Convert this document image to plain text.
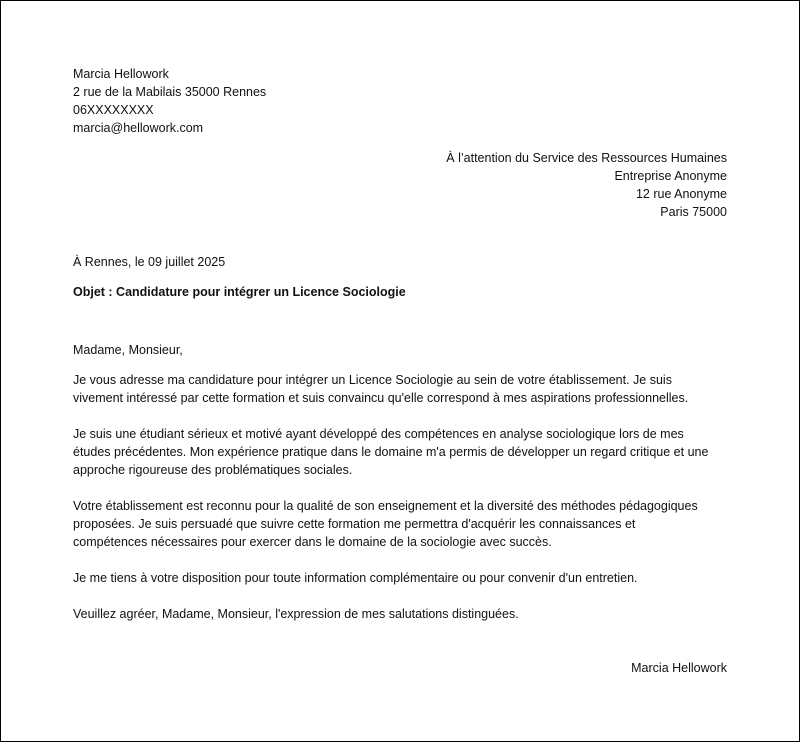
Marcia Hellowork
2 rue de la Mabilais 35000 Rennes
06XXXXXXXX
marcia@hellowork.com
À l’attention du Service des Ressources Humaines
Entreprise Anonyme
12 rue Anonyme
Paris 75000
À Rennes, le 09 juillet 2025
Objet : Candidature pour intégrer un Licence Sociologie
Madame, Monsieur,

Je vous adresse ma candidature pour intégrer un Licence Sociologie au sein de votre établissement. Je suis
vivement intéressé par cette formation et suis convaincu qu'elle correspond à mes aspirations professionnelles.

Je suis une étudiant sérieux et motivé ayant développé des compétences en analyse sociologique lors de mes
études précédentes. Mon expérience pratique dans le domaine m'a permis de développer un regard critique et une
approche rigoureuse des problématiques sociales.

Votre établissement est reconnu pour la qualité de son enseignement et la diversité des méthodes pédagogiques
proposées. Je suis persuadé que suivre cette formation me permettra d'acquérir les connaissances et
compétences nécessaires pour exercer dans le domaine de la sociologie avec succès.

Je me tiens à votre disposition pour toute information complémentaire ou pour convenir d'un entretien.

Veuillez agréer, Madame, Monsieur, l'expression de mes salutations distinguées.

Marcia Hellowork
